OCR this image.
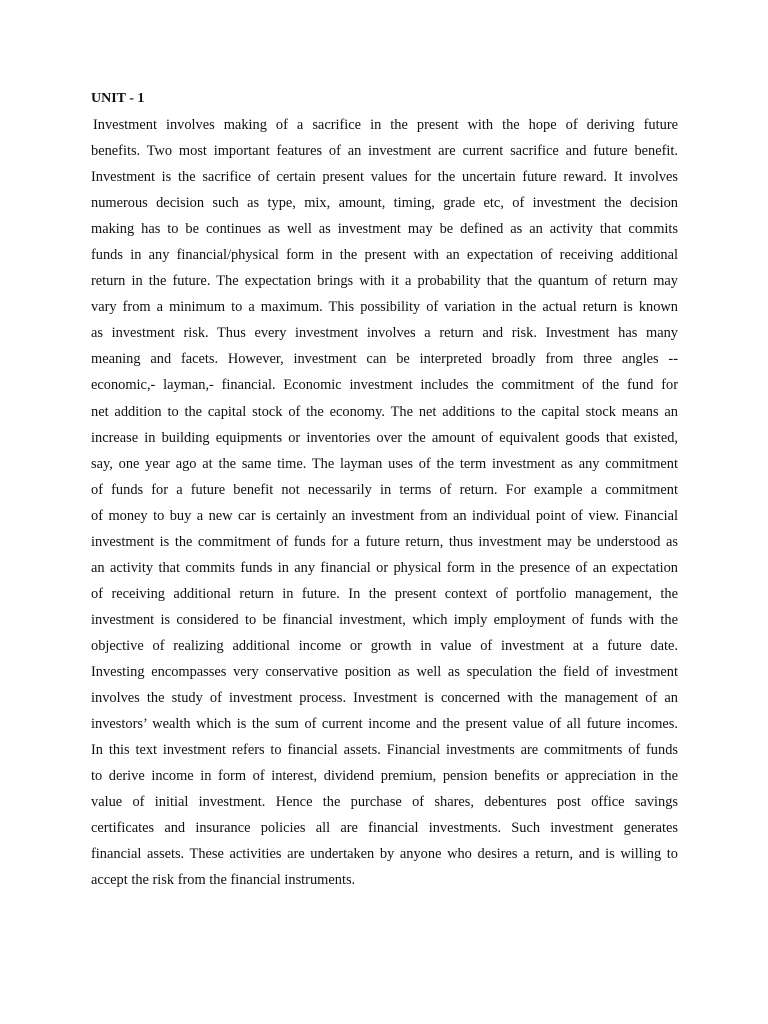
UNIT - 1
Investment involves making of a sacrifice in the present with the hope of deriving future
benefits. Two most important features of an investment are current sacrifice and future benefit.
Investment is the sacrifice of certain present values for the uncertain future reward. It involves
numerous decision such as type, mix, amount, timing, grade etc, of investment the decision
making has to be continues as well as investment may be defined as an activity that commits
funds in any financial/physical form in the present with an expectation of receiving additional
return in the future. The expectation brings with it a probability that the quantum of return may
vary from a minimum to a maximum. This possibility of variation in the actual return is known
as investment risk. Thus every investment involves a return and risk. Investment has many
meaning and facets. However, investment can be interpreted broadly from three angles --
economic,- layman,- financial. Economic investment includes the commitment of the fund for
net addition to the capital stock of the economy. The net additions to the capital stock means an
increase in building equipments or inventories over the amount of equivalent goods that existed,
say, one year ago at the same time. The layman uses of the term investment as any commitment
of funds for a future benefit not necessarily in terms of return. For example a commitment
of money to buy a new car is certainly an investment from an individual point of view. Financial
investment is the commitment of funds for a future return, thus investment may be understood as
an activity that commits funds in any financial or physical form in the presence of an expectation
of receiving additional return in future. In the present context of portfolio management, the
investment is considered to be financial investment, which imply employment of funds with the
objective of realizing additional income or growth in value of investment at a future date.
Investing encompasses very conservative position as well as speculation the field of investment
involves the study of investment process. Investment is concerned with the management of an
investors’ wealth which is the sum of current income and the present value of all future incomes.
In this text investment refers to financial assets. Financial investments are commitments of funds
to derive income in form of interest, dividend premium, pension benefits or appreciation in the
value of initial investment. Hence the purchase of shares, debentures post office savings
certificates and insurance policies all are financial investments. Such investment generates
financial assets. These activities are undertaken by anyone who desires a return, and is willing to
accept the risk from the financial instruments.
